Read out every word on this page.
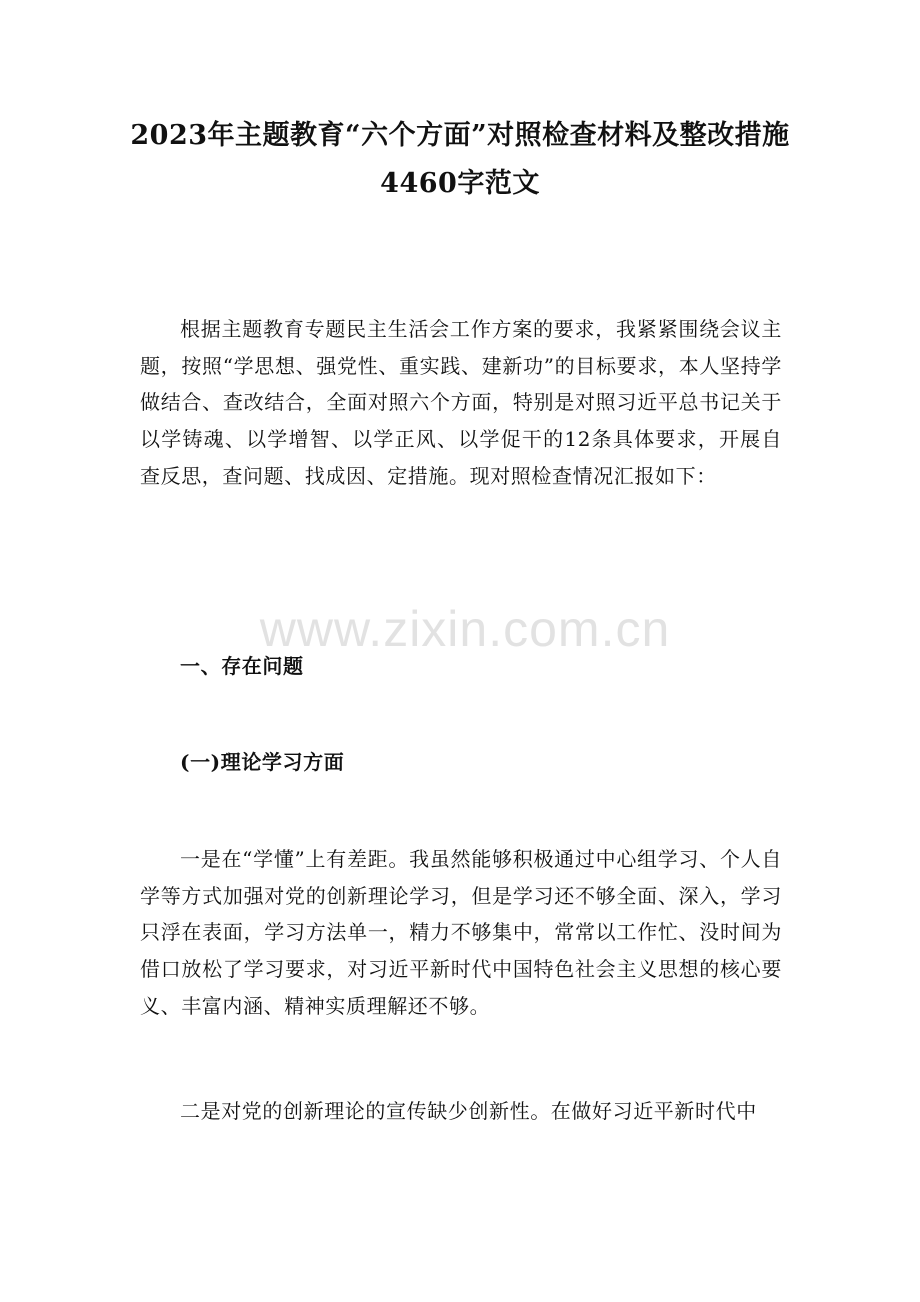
2023年主题教育“六个方面”对照检查材料及整改措施4460字范文
根据主题教育专题民主生活会工作方案的要求，我紧紧围绕会议主题，按照“学思想、强党性、重实践、建新功”的目标要求，本人坚持学做结合、查改结合，全面对照六个方面，特别是对照习近平总书记关于以学铸魂、以学增智、以学正风、以学促干的12条具体要求，开展自查反思，查问题、找成因、定措施。现对照检查情况汇报如下：
一、存在问题
(一)理论学习方面
一是在“学懂”上有差距。我虽然能够积极通过中心组学习、个人自学等方式加强对党的创新理论学习，但是学习还不够全面、深入，学习只浮在表面，学习方法单一，精力不够集中，常常以工作忙、没时间为借口放松了学习要求，对习近平新时代中国特色社会主义思想的核心要义、丰富内涵、精神实质理解还不够。
二是对党的创新理论的宣传缺少创新性。在做好习近平新时代中
www.zixin.com.cn
